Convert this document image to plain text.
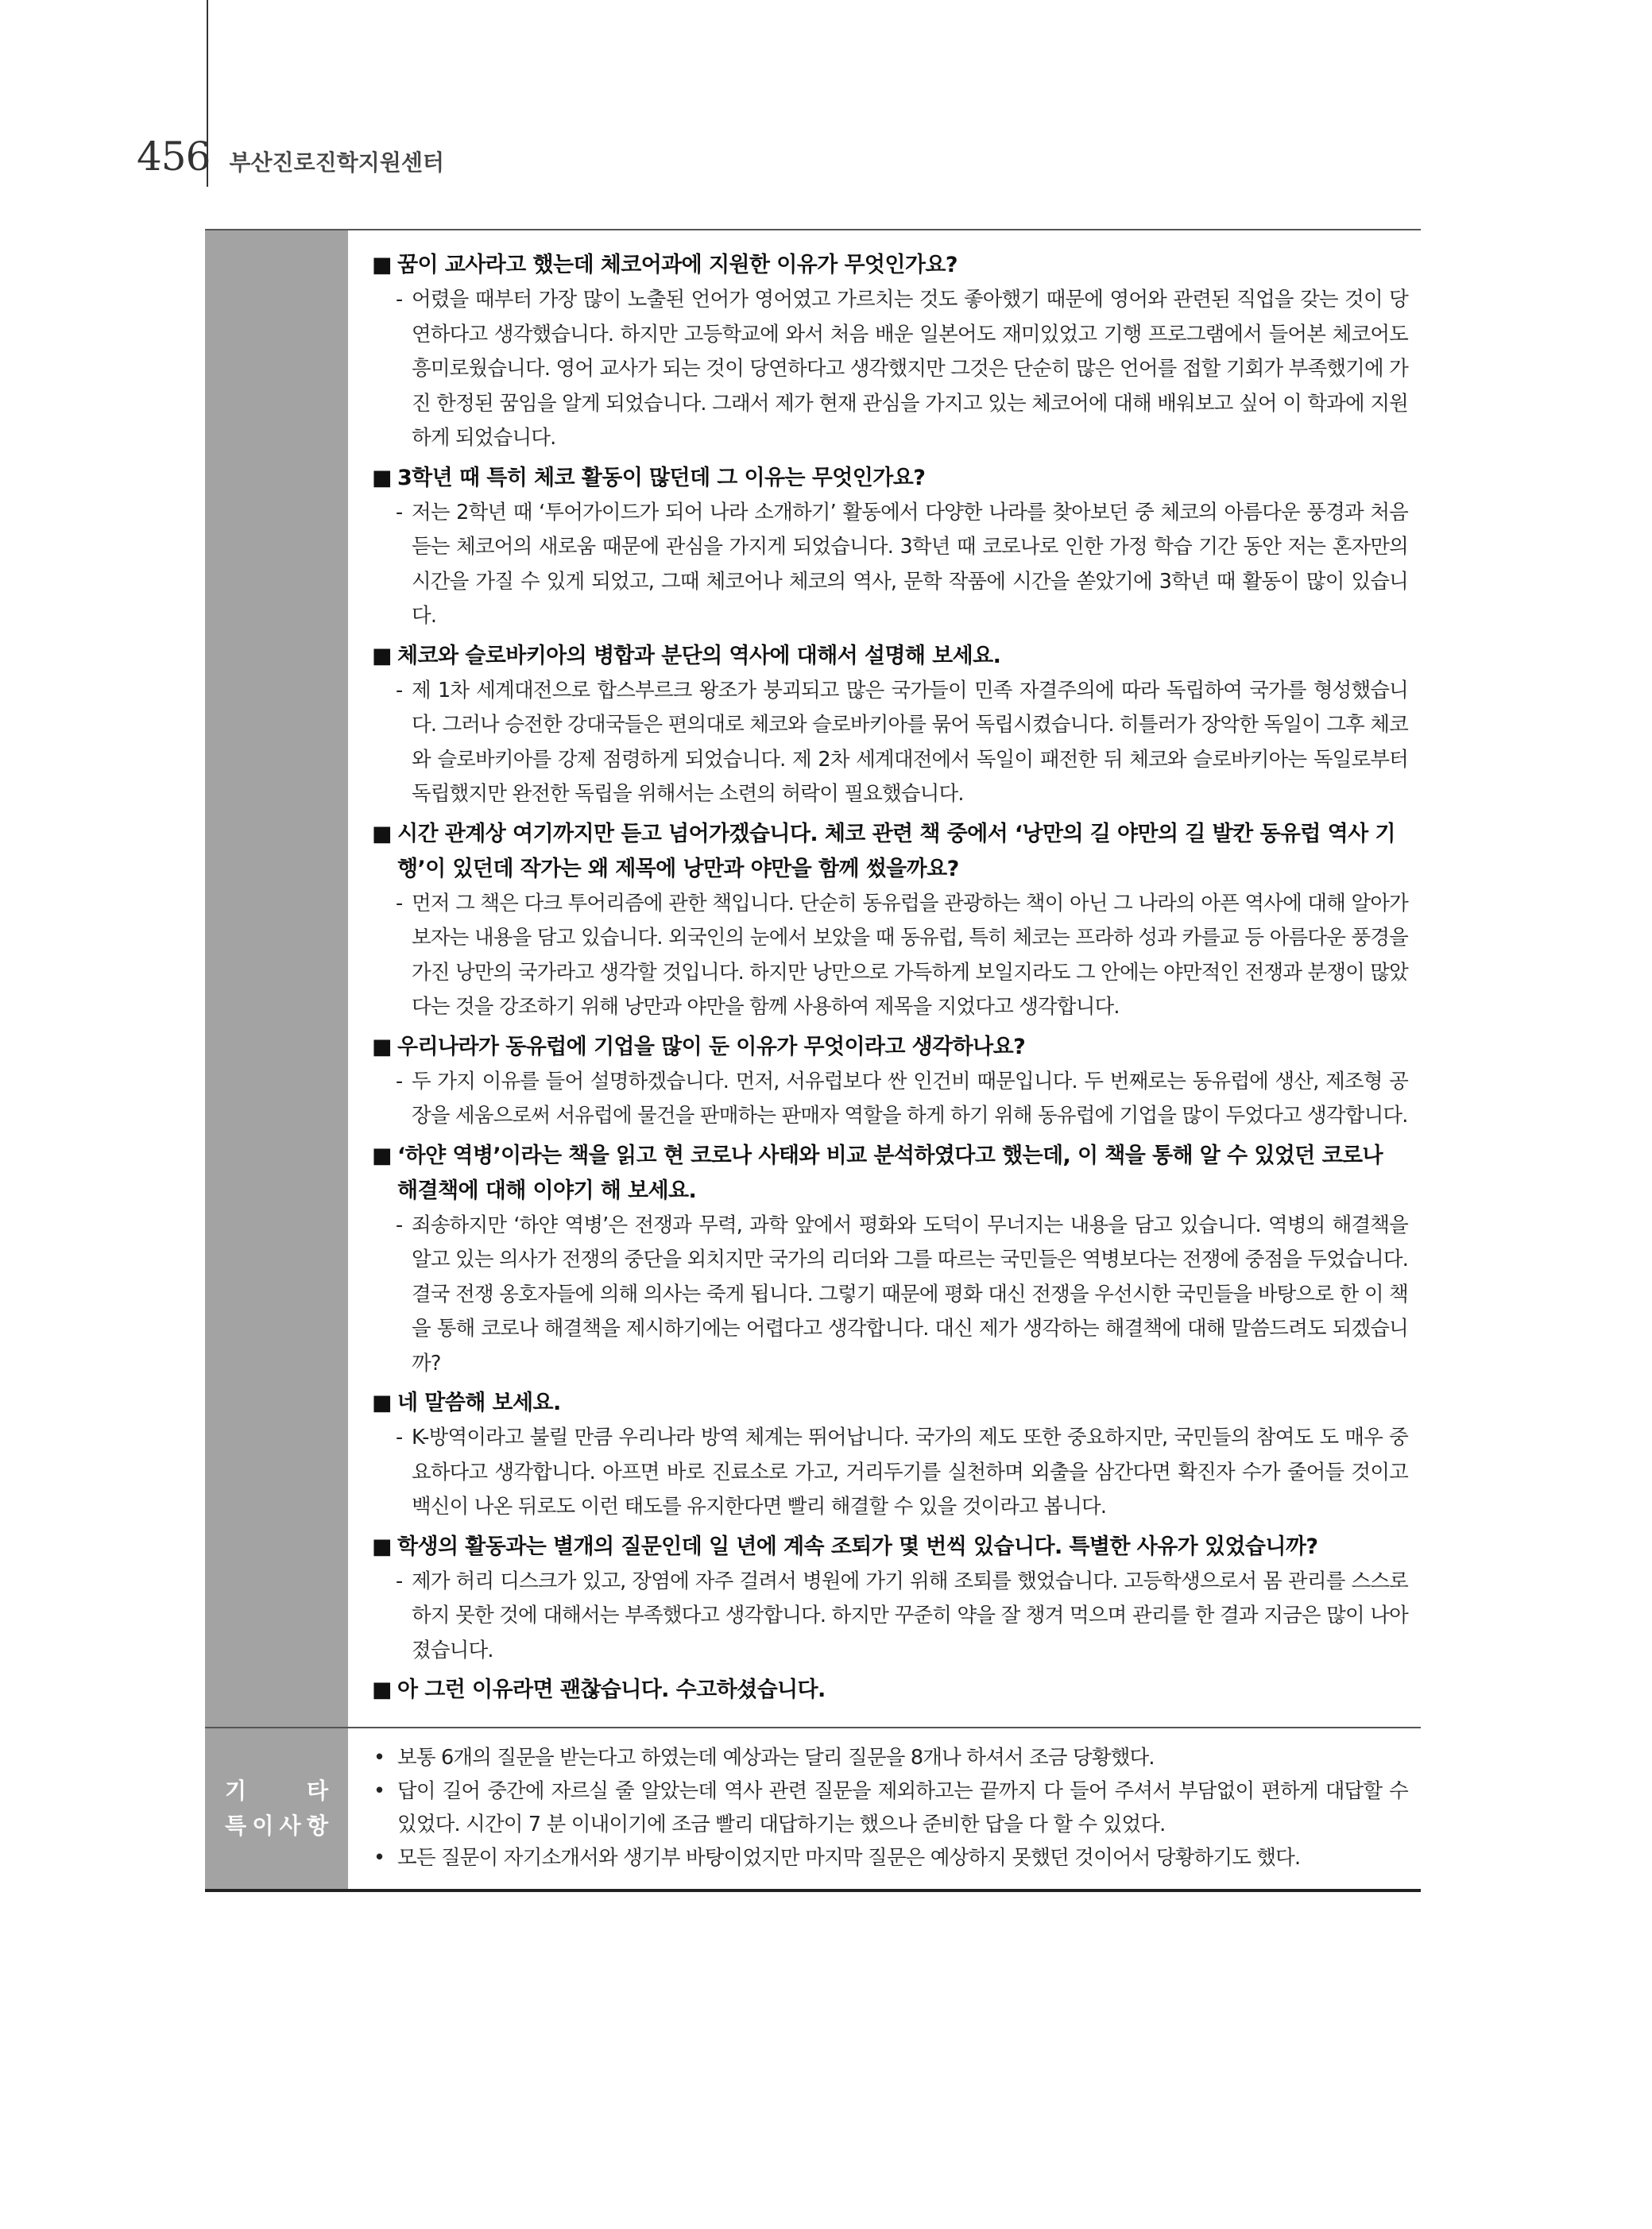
456 부산진로진학지원센터
■ 꿈이 교사라고 했는데 체코어과에 지원한 이유가 무엇인가요?
- 어렸을 때부터 가장 많이 노출된 언어가 영어였고 가르치는 것도 좋아했기 때문에 영어와 관련된 직업을 갖는 것이 당연하다고 생각했습니다. 하지만 고등학교에 와서 처음 배운 일본어도 재미있었고 기행 프로그램에서 들어본 체코어도 흥미로웠습니다. 영어 교사가 되는 것이 당연하다고 생각했지만 그것은 단순히 많은 언어를 접할 기회가 부족했기에 가진 한정된 꿈임을 알게 되었습니다. 그래서 제가 현재 관심을 가지고 있는 체코어에 대해 배워보고 싶어 이 학과에 지원하게 되었습니다.
■ 3학년 때 특히 체코 활동이 많던데 그 이유는 무엇인가요?
- 저는 2학년 때 ‘투어가이드가 되어 나라 소개하기’ 활동에서 다양한 나라를 찾아보던 중 체코의 아름다운 풍경과 처음 듣는 체코어의 새로움 때문에 관심을 가지게 되었습니다. 3학년 때 코로나로 인한 가정 학습 기간 동안 저는 혼자만의 시간을 가질 수 있게 되었고, 그때 체코어나 체코의 역사, 문학 작품에 시간을 쏟았기에 3학년 때 활동이 많이 있습니다.
■ 체코와 슬로바키아의 병합과 분단의 역사에 대해서 설명해 보세요.
- 제 1차 세계대전으로 합스부르크 왕조가 붕괴되고 많은 국가들이 민족 자결주의에 따라 독립하여 국가를 형성했습니다. 그러나 승전한 강대국들은 편의대로 체코와 슬로바키아를 묶어 독립시켰습니다. 히틀러가 장악한 독일이 그후 체코와 슬로바키아를 강제 점령하게 되었습니다. 제 2차 세계대전에서 독일이 패전한 뒤 체코와 슬로바키아는 독일로부터 독립했지만 완전한 독립을 위해서는 소련의 허락이 필요했습니다.
■ 시간 관계상 여기까지만 듣고 넘어가겠습니다. 체코 관련 책 중에서 ‘낭만의 길 야만의 길 발칸 동유럽 역사 기행’이 있던데 작가는 왜 제목에 낭만과 야만을 함께 썼을까요?
- 먼저 그 책은 다크 투어리즘에 관한 책입니다. 단순히 동유럽을 관광하는 책이 아닌 그 나라의 아픈 역사에 대해 알아가 보자는 내용을 담고 있습니다. 외국인의 눈에서 보았을 때 동유럽, 특히 체코는 프라하 성과 카를교 등 아름다운 풍경을 가진 낭만의 국가라고 생각할 것입니다. 하지만 낭만으로 가득하게 보일지라도 그 안에는 야만적인 전쟁과 분쟁이 많았다는 것을 강조하기 위해 낭만과 야만을 함께 사용하여 제목을 지었다고 생각합니다.
■ 우리나라가 동유럽에 기업을 많이 둔 이유가 무엇이라고 생각하나요?
- 두 가지 이유를 들어 설명하겠습니다. 먼저, 서유럽보다 싼 인건비 때문입니다. 두 번째로는 동유럽에 생산, 제조형 공장을 세움으로써 서유럽에 물건을 판매하는 판매자 역할을 하게 하기 위해 동유럽에 기업을 많이 두었다고 생각합니다.
■ ‘하얀 역병’이라는 책을 읽고 현 코로나 사태와 비교 분석하였다고 했는데, 이 책을 통해 알 수 있었던 코로나 해결책에 대해 이야기 해 보세요.
- 죄송하지만 ‘하얀 역병’은 전쟁과 무력, 과학 앞에서 평화와 도덕이 무너지는 내용을 담고 있습니다. 역병의 해결책을 알고 있는 의사가 전쟁의 중단을 외치지만 국가의 리더와 그를 따르는 국민들은 역병보다는 전쟁에 중점을 두었습니다. 결국 전쟁 옹호자들에 의해 의사는 죽게 됩니다. 그렇기 때문에 평화 대신 전쟁을 우선시한 국민들을 바탕으로 한 이 책을 통해 코로나 해결책을 제시하기에는 어렵다고 생각합니다. 대신 제가 생각하는 해결책에 대해 말씀드려도 되겠습니까?
■ 네 말씀해 보세요.
- K-방역이라고 불릴 만큼 우리나라 방역 체계는 뛰어납니다. 국가의 제도 또한 중요하지만, 국민들의 참여도 도 매우 중요하다고 생각합니다. 아프면 바로 진료소로 가고, 거리두기를 실천하며 외출을 삼간다면 확진자 수가 줄어들 것이고 백신이 나온 뒤로도 이런 태도를 유지한다면 빨리 해결할 수 있을 것이라고 봅니다.
■ 학생의 활동과는 별개의 질문인데 일 년에 계속 조퇴가 몇 번씩 있습니다. 특별한 사유가 있었습니까?
- 제가 허리 디스크가 있고, 장염에 자주 걸려서 병원에 가기 위해 조퇴를 했었습니다. 고등학생으로서 몸 관리를 스스로 하지 못한 것에 대해서는 부족했다고 생각합니다. 하지만 꾸준히 약을 잘 챙겨 먹으며 관리를 한 결과 지금은 많이 나아졌습니다.
■ 아 그런 이유라면 괜찮습니다. 수고하셨습니다.
기	타
특 이 사 항
• 보통 6개의 질문을 받는다고 하였는데 예상과는 달리 질문을 8개나 하셔서 조금 당황했다.
• 답이 길어 중간에 자르실 줄 알았는데 역사 관련 질문을 제외하고는 끝까지 다 들어 주셔서 부담없이 편하게 대답할 수 있었다. 시간이 7 분 이내이기에 조금 빨리 대답하기는 했으나 준비한 답을 다 할 수 있었다.
• 모든 질문이 자기소개서와 생기부 바탕이었지만 마지막 질문은 예상하지 못했던 것이어서 당황하기도 했다.
